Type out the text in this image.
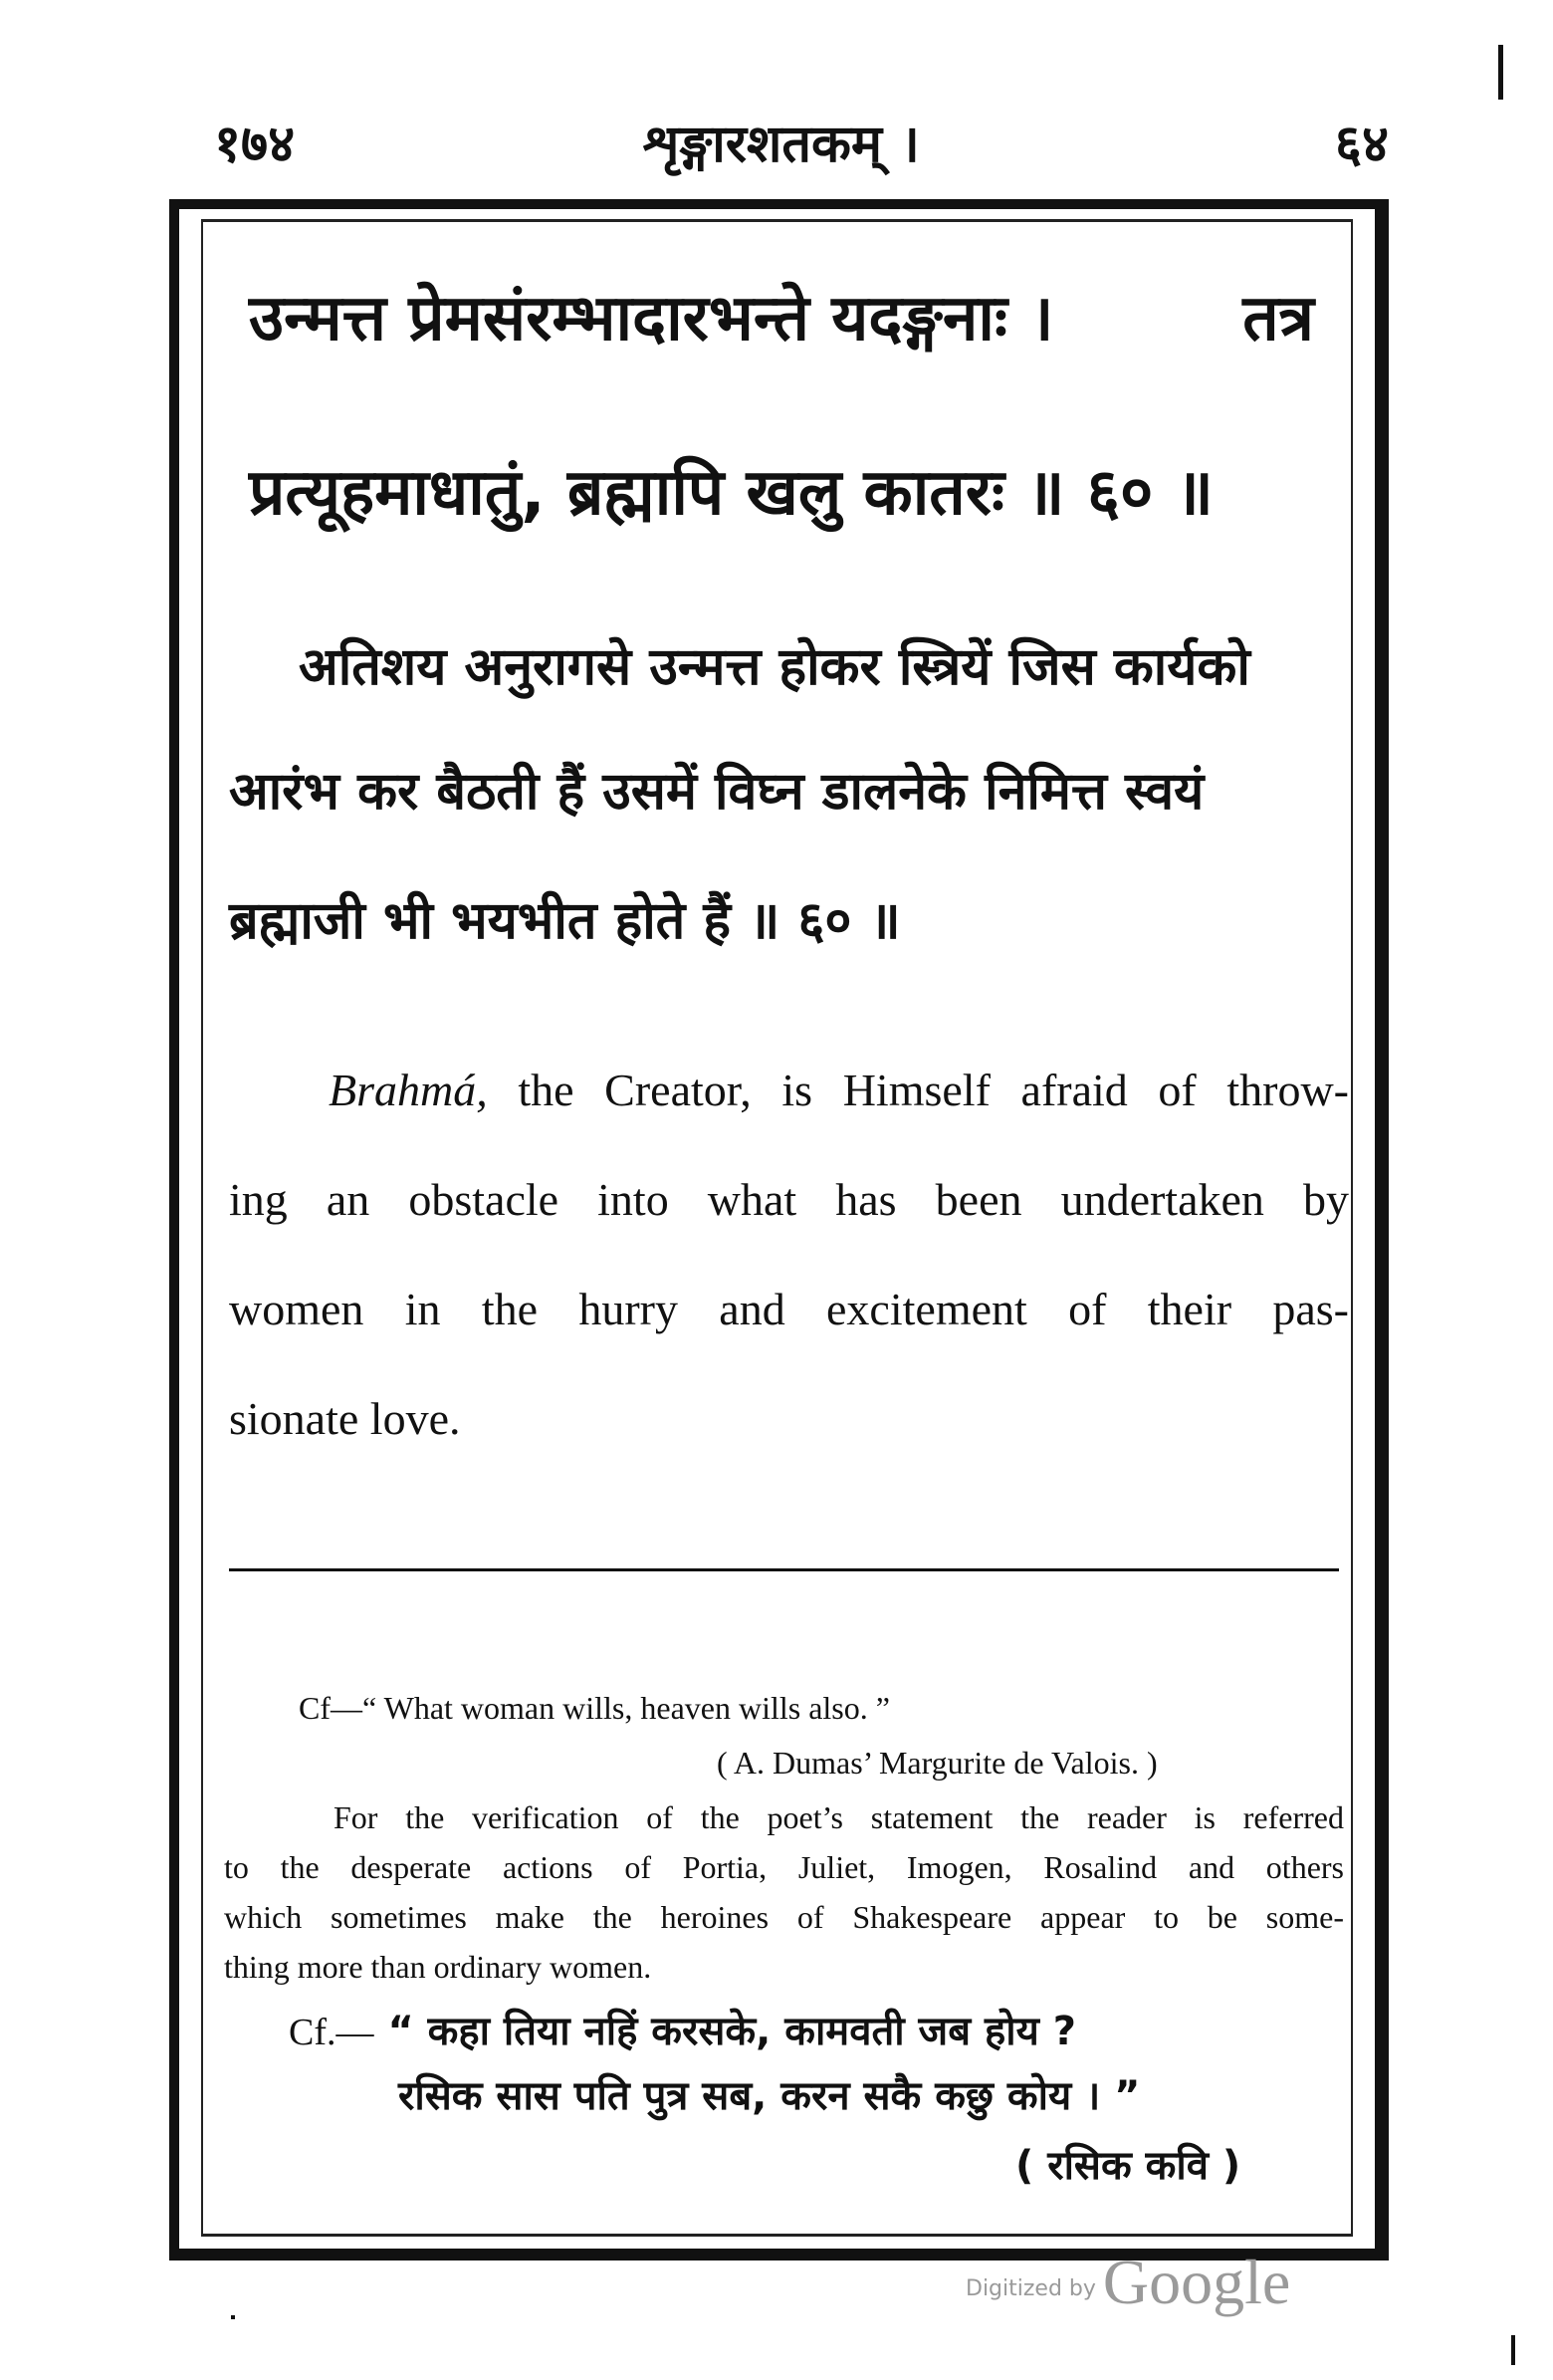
१७४	शृङ्गारशतकम् ।	६४
उन्मत्त प्रेमसंरम्भादारभन्ते यदङ्गनाः ।	तत्र
प्रत्यूहमाधातुं, ब्रह्मापि खलु कातरः ॥ ६० ॥
अतिशय अनुरागसे उन्मत्त होकर स्त्रियें जिस कार्यको
आरंभ कर बैठती हैं उसमें विघ्न डालनेके निमित्त स्वयं
ब्रह्माजी भी भयभीत होते हैं ॥ ६० ॥
Brahmá, the Creator, is Himself afraid of throw-
ing an obstacle into what has been undertaken by
women in the hurry and excitement of their pas-
sionate love.
Cf—“ What woman wills, heaven wills also. ”
( A. Dumas’ Margurite de Valois. )
For the verification of the poet’s statement the reader is referred
to the desperate actions of Portia, Juliet, Imogen, Rosalind and others
which sometimes make the heroines of Shakespeare appear to be some-
thing more than ordinary women.
Cf.— “ कहा तिया नहिं करसके, कामवती जब होय ?
रसिक सास पति पुत्र सब, करन सकै कछु कोय । ”
( रसिक कवि )
Digitized by Google
